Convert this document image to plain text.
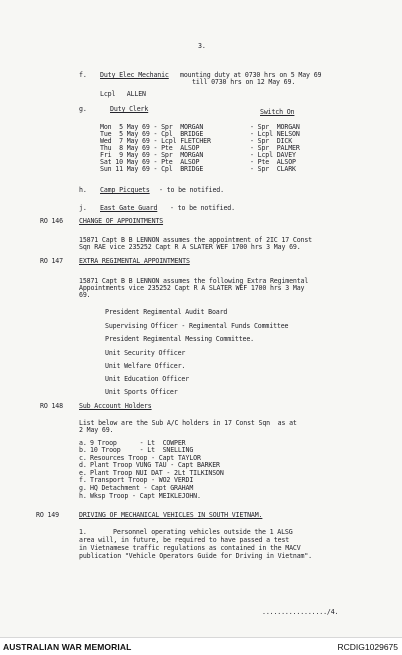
3.
f. Duty Elec Mechanic mounting duty at 0730 hrs on 5 May 69
till 0730 hrs on 12 May 69.
Lcpl   ALLEN
g.	Duty Clerk	Switch On
Mon  5 May 69 - Spr  MORGAN	- Spr  MORGAN
Tue  5 May 69 - Cpl  BRIDGE	- Lcpl NELSON
Wed  7 May 69 - Lcpl FLETCHER	- Spr  DICK
Thu  8 May 69 - Pte  ALSOP	- Spr  PALMER
Fri  9 May 69 - Spr  MORGAN	- Lcpl DAVEY
Sat 10 May 69 - Pte  ALSOP	- Pte  ALSOP
Sun 11 May 69 - Cpl  BRIDGE	- Spr  CLARK
h. Camp Picquets - to be notified.
j. East Gate Guard - to be notified.
RO 146 CHANGE OF APPOINTMENTS
15871 Capt B B LENNON assumes the appointment of 2IC 17 Const
Sqn RAE vice 235252 Capt R A SLATER WEF 1700 hrs 3 May 69.
RO 147 EXTRA REGIMENTAL APPOINTMENTS
15871 Capt B B LENNON assumes the following Extra Regimental
Appointments vice 235252 Capt R A SLATER WEF 1700 hrs 3 May
69.
President Regimental Audit Board
Supervising Officer - Regimental Funds Committee
President Regimental Messing Committee.
Unit Security Officer
Unit Welfare Officer.
Unit Education Officer
Unit Sports Officer
RO 148 Sub Account Holders
List below are the Sub A/C holders in 17 Const Sqn  as at
2 May 69.
a. 9 Troop      - Lt  COWPER
b. 10 Troop     - Lt  SNELLING
c. Resources Troop - Capt TAYLOR
d. Plant Troop VUNG TAU - Capt BARKER
e. Plant Troop NUI DAT - 2Lt TILKINSON
f. Transport Troop - WO2 VERDI
g. HQ Detachment - Capt GRAHAM
h. Wksp Troop - Capt MEIKLEJOHN.
RO 149	DRIVING OF MECHANICAL VEHICLES IN SOUTH VIETNAM.
1.	Personnel operating vehicles outside the 1 ALSG
area will, in future, be required to have passed a test
in Vietnamese traffic regulations as contained in the MACV
publication "Vehicle Operators Guide for Driving in Vietnam".
................./4.
AUSTRALIAN WAR MEMORIAL	RCDIG1029675
